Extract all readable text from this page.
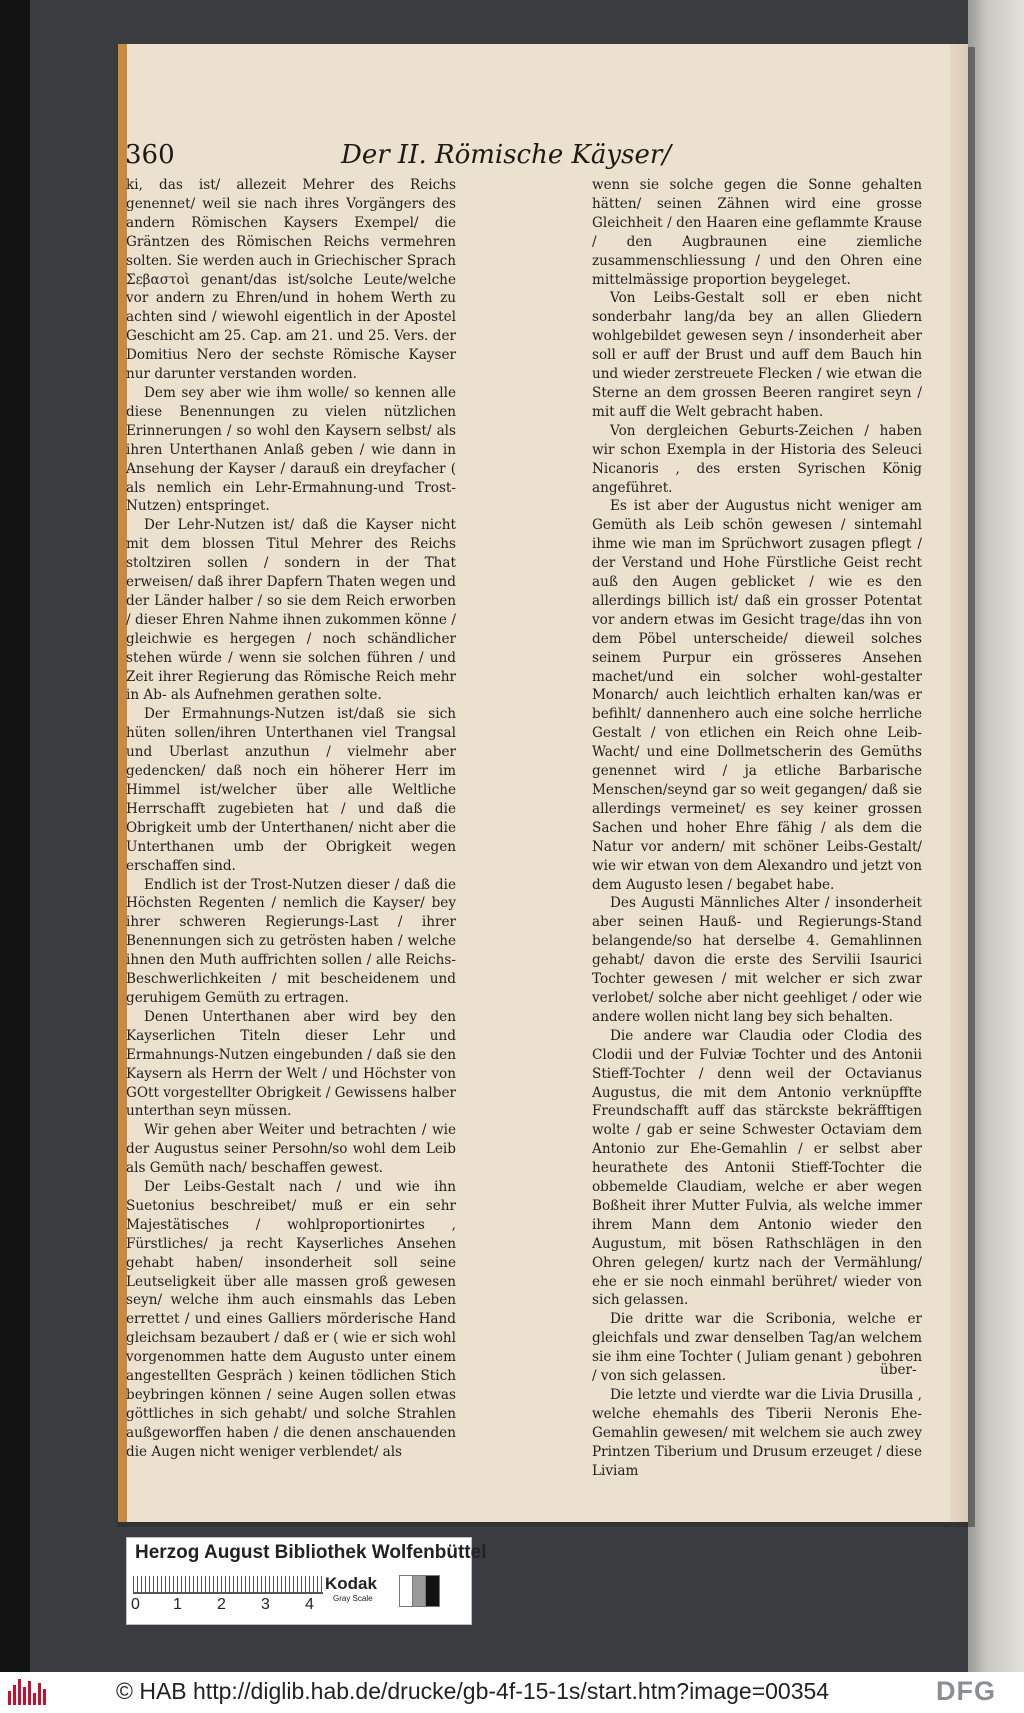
360	Der II. Römische Käyser/

ki, das ist/ allezeit Mehrer des Reichs genennet/ weil sie nach ihres Vorgängers des andern Römischen Kaysers Exempel/ die Gräntzen des Römischen Reichs vermehren solten. Sie werden auch in Griechischer Sprach Σεβαστοὶ genant/das ist/solche Leute/welche vor andern zu Ehren/und in hohem Werth zu achten sind / wiewohl eigentlich in der Apostel Geschicht am 25. Cap. am 21. und 25. Vers. der Domitius Nero der sechste Römische Kayser nur darunter verstanden worden.

Dem sey aber wie ihm wolle/ so kennen alle diese Benennungen zu vielen nützlichen Erinnerungen / so wohl den Kaysern selbst/ als ihren Unterthanen Anlaß geben / wie dann in Ansehung der Kayser / darauß ein dreyfacher ( als nemlich ein Lehr-Ermahnung-und Trost-Nutzen) entspringet.

Der Lehr-Nutzen ist/ daß die Kayser nicht mit dem blossen Titul Mehrer des Reichs stoltziren sollen / sondern in der That erweisen/ daß ihrer Dapfern Thaten wegen und der Länder halber / so sie dem Reich erworben / dieser Ehren Nahme ihnen zukommen könne / gleichwie es hergegen / noch schändlicher stehen würde / wenn sie solchen führen / und Zeit ihrer Regierung das Römische Reich mehr in Ab- als Aufnehmen gerathen solte.

Der Ermahnungs-Nutzen ist/daß sie sich hüten sollen/ihren Unterthanen viel Trangsal und Uberlast anzuthun / vielmehr aber gedencken/ daß noch ein höherer Herr im Himmel ist/welcher über alle Weltliche Herrschafft zugebieten hat / und daß die Obrigkeit umb der Unterthanen/ nicht aber die Unterthanen umb der Obrigkeit wegen erschaffen sind.

Endlich ist der Trost-Nutzen dieser / daß die Höchsten Regenten / nemlich die Kayser/ bey ihrer schweren Regierungs-Last / ihrer Benennungen sich zu getrösten haben / welche ihnen den Muth auffrichten sollen / alle Reichs-Beschwerlichkeiten / mit bescheidenem und geruhigem Gemüth zu ertragen.

Denen Unterthanen aber wird bey den Kayserlichen Titeln dieser Lehr und Ermahnungs-Nutzen eingebunden / daß sie den Kaysern als Herrn der Welt / und Höchster von GOtt vorgestellter Obrigkeit / Gewissens halber unterthan seyn müssen.

Wir gehen aber Weiter und betrachten / wie der Augustus seiner Persohn/so wohl dem Leib als Gemüth nach/ beschaffen gewest.

Der Leibs-Gestalt nach / und wie ihn Suetonius beschreibet/ muß er ein sehr Majestätisches / wohlproportionirtes , Fürstliches/ ja recht Kayserliches Ansehen gehabt haben/ insonderheit soll seine Leutseligkeit über alle massen groß gewesen seyn/ welche ihm auch einsmahls das Leben errettet / und eines Galliers mörderische Hand gleichsam bezaubert / daß er ( wie er sich wohl vorgenommen hatte dem Augusto unter einem angestellten Gespräch ) keinen tödlichen Stich beybringen können / seine Augen sollen etwas göttliches in sich gehabt/ und solche Strahlen außgeworffen haben / die denen anschauenden die Augen nicht weniger verblendet/ als

wenn sie solche gegen die Sonne gehalten hätten/ seinen Zähnen wird eine grosse Gleichheit / den Haaren eine geflammte Krause / den Augbraunen eine ziemliche zusammenschliessung / und den Ohren eine mittelmässige proportion beygeleget.

Von Leibs-Gestalt soll er eben nicht sonderbahr lang/da bey an allen Gliedern wohlgebildet gewesen seyn / insonderheit aber soll er auff der Brust und auff dem Bauch hin und wieder zerstreuete Flecken / wie etwan die Sterne an dem grossen Beeren rangiret seyn / mit auff die Welt gebracht haben.

Von dergleichen Geburts-Zeichen / haben wir schon Exempla in der Historia des Seleuci Nicanoris , des ersten Syrischen König angeführet.

Es ist aber der Augustus nicht weniger am Gemüth als Leib schön gewesen / sintemahl ihme wie man im Sprüchwort zusagen pflegt / der Verstand und Hohe Fürstliche Geist recht auß den Augen geblicket / wie es den allerdings billich ist/ daß ein grosser Potentat vor andern etwas im Gesicht trage/das ihn von dem Pöbel unterscheide/ dieweil solches seinem Purpur ein grösseres Ansehen machet/und ein solcher wohl-gestalter Monarch/ auch leichtlich erhalten kan/was er befihlt/ dannenhero auch eine solche herrliche Gestalt / von etlichen ein Reich ohne Leib-Wacht/ und eine Dollmetscherin des Gemüths genennet wird / ja etliche Barbarische Menschen/seynd gar so weit gegangen/ daß sie allerdings vermeinet/ es sey keiner grossen Sachen und hoher Ehre fähig / als dem die Natur vor andern/ mit schöner Leibs-Gestalt/ wie wir etwan von dem Alexandro und jetzt von dem Augusto lesen / begabet habe.

Des Augusti Männliches Alter / insonderheit aber seinen Hauß- und Regierungs-Stand belangende/so hat derselbe 4. Gemahlinnen gehabt/ davon die erste des Servilii Isaurici Tochter gewesen / mit welcher er sich zwar verlobet/ solche aber nicht geehliget / oder wie andere wollen nicht lang bey sich behalten.

Die andere war Claudia oder Clodia des Clodii und der Fulviæ Tochter und des Antonii Stieff-Tochter / denn weil der Octavianus Augustus, die mit dem Antonio verknüpffte Freundschafft auff das stärckste bekräfftigen wolte / gab er seine Schwester Octaviam dem Antonio zur Ehe-Gemahlin / er selbst aber heurathete des Antonii Stieff-Tochter die obbemelde Claudiam, welche er aber wegen Boßheit ihrer Mutter Fulvia, als welche immer ihrem Mann dem Antonio wieder den Augustum, mit bösen Rathschlägen in den Ohren gelegen/ kurtz nach der Vermählung/ ehe er sie noch einmahl berühret/ wieder von sich gelassen.

Die dritte war die Scribonia, welche er gleichfals und zwar denselben Tag/an welchem sie ihm eine Tochter ( Juliam genant ) gebohren / von sich gelassen.

Die letzte und vierdte war die Livia Drusilla , welche ehemahls des Tiberii Neronis Ehe-Gemahlin gewesen/ mit welchem sie auch zwey Printzen Tiberium und Drusum erzeuget / diese Liviam

über-
Herzog August Bibliothek Wolfenbüttel
0 1 2 3 4
Kodak
Gray Scale
© HAB http://diglib.hab.de/drucke/gb-4f-15-1s/start.htm?image=00354	DFG
